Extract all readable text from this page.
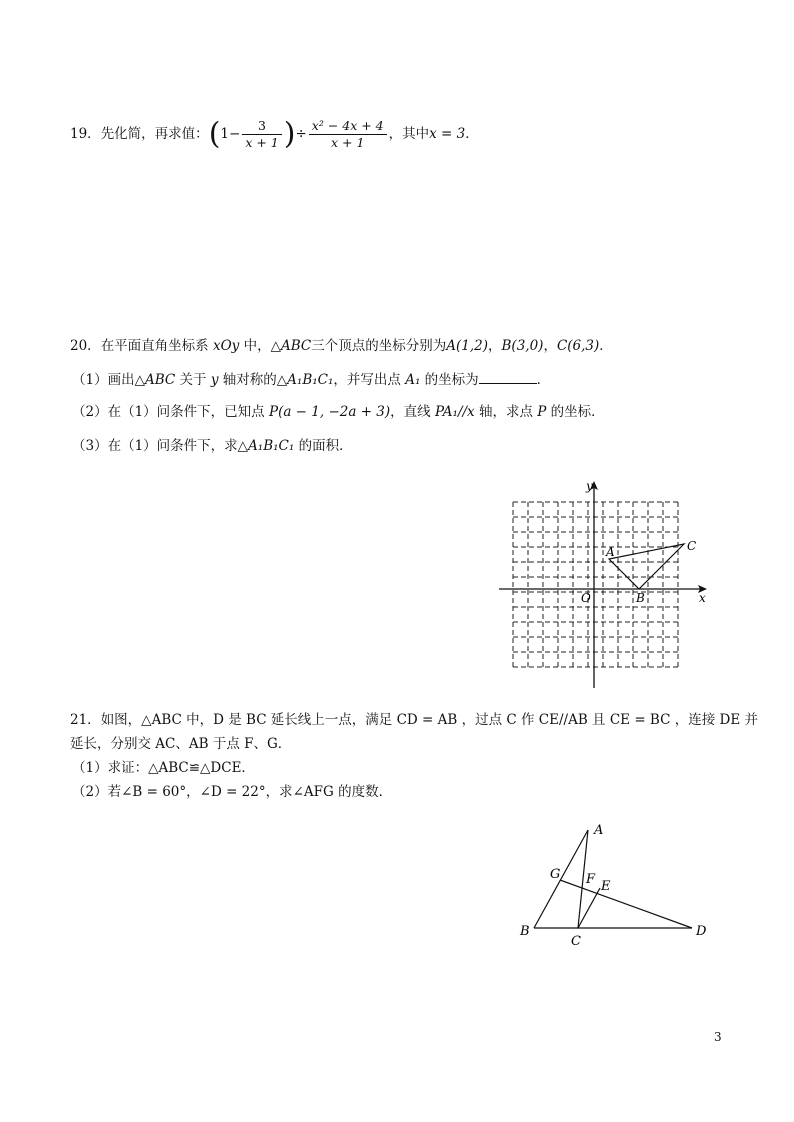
19．先化简，再求值：($1- \frac{3}{x + 1}$ )÷ $\frac{\text{x² − 4x + 4}}{x + 1}$ ，其中x = 3．
20．在平面直角坐标系 xOy 中，△ABC三个顶点的坐标分别为A(1,2)，B(3,0)，C(6,3)．
（1）画出△ABC 关于 y 轴对称的△A₁B₁C₁，并写出点 A₁ 的坐标为	．
（2）在（1）问条件下，已知点 P(a − 1, −2a + 3)，直线 PA₁//x 轴，求点 P 的坐标．
（3）在（1）问条件下，求△A₁B₁C₁ 的面积．
x
y
O
A
B
C
21．如图，△ABC 中，D 是 BC 延长线上一点，满足 CD = AB ，过点 C 作 CE//AB 且 CE = BC ，连接 DE 并
延长，分别交 AC、AB 于点 F、G．
（1）求证：△ABC≌△DCE．
（2）若∠B = 60°，∠D = 22°，求∠AFG 的度数．
A
B
C
D
E
F
G
3
